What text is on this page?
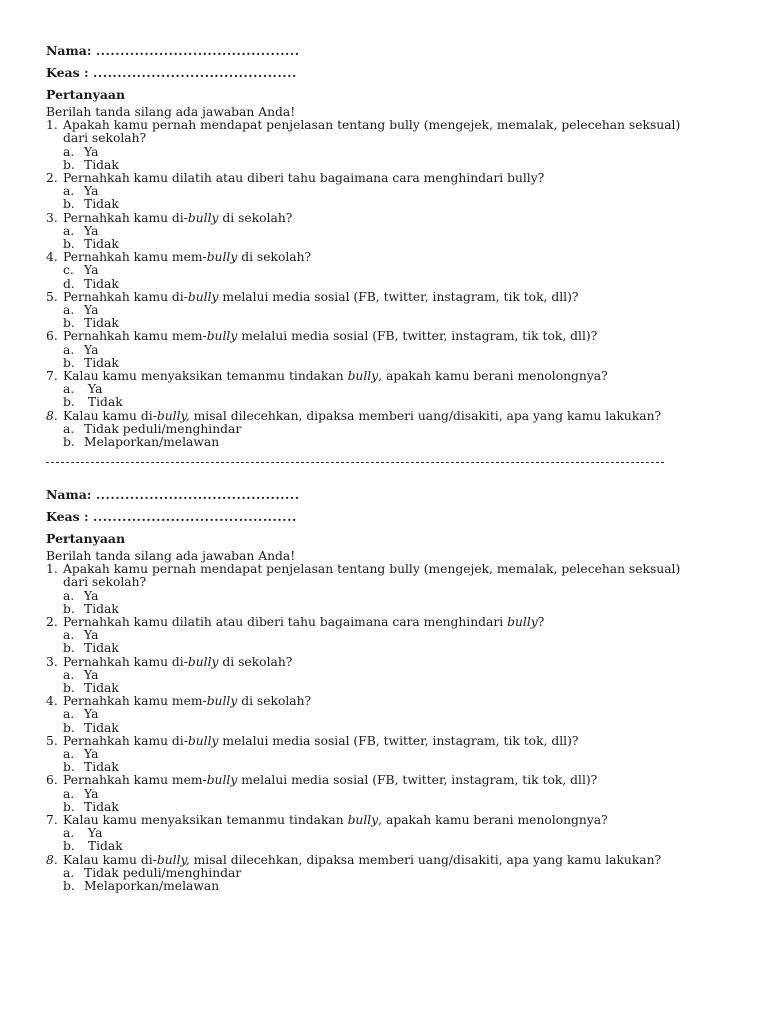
Nama: ..........................................
Keas : ..........................................
Pertanyaan
Berilah tanda silang ada jawaban Anda!
1. Apakah kamu pernah mendapat penjelasan tentang bully (mengejek, memalak, pelecehan seksual) dari sekolah?
a. Ya
b. Tidak
2. Pernahkah kamu dilatih atau diberi tahu bagaimana cara menghindari bully?
a. Ya
b. Tidak
3. Pernahkah kamu di-bully di sekolah?
a. Ya
b. Tidak
4. Pernahkah kamu mem-bully di sekolah?
c. Ya
d. Tidak
5. Pernahkah kamu di-bully melalui media sosial (FB, twitter, instagram, tik tok, dll)?
a. Ya
b. Tidak
6. Pernahkah kamu mem-bully melalui media sosial (FB, twitter, instagram, tik tok, dll)?
a. Ya
b. Tidak
7. Kalau kamu menyaksikan temanmu tindakan bully, apakah kamu berani menolongnya?
a. Ya
b. Tidak
8. Kalau kamu di-bully, misal dilecehkan, dipaksa memberi uang/disakiti, apa yang kamu lakukan?
a. Tidak peduli/menghindar
b. Melaporkan/melawan
Nama: ..........................................
Keas : ..........................................
Pertanyaan
Berilah tanda silang ada jawaban Anda!
1. Apakah kamu pernah mendapat penjelasan tentang bully (mengejek, memalak, pelecehan seksual) dari sekolah?
a. Ya
b. Tidak
2. Pernahkah kamu dilatih atau diberi tahu bagaimana cara menghindari bully?
a. Ya
b. Tidak
3. Pernahkah kamu di-bully di sekolah?
a. Ya
b. Tidak
4. Pernahkah kamu mem-bully di sekolah?
a. Ya
b. Tidak
5. Pernahkah kamu di-bully melalui media sosial (FB, twitter, instagram, tik tok, dll)?
a. Ya
b. Tidak
6. Pernahkah kamu mem-bully melalui media sosial (FB, twitter, instagram, tik tok, dll)?
a. Ya
b. Tidak
7. Kalau kamu menyaksikan temanmu tindakan bully, apakah kamu berani menolongnya?
a. Ya
b. Tidak
8. Kalau kamu di-bully, misal dilecehkan, dipaksa memberi uang/disakiti, apa yang kamu lakukan?
a. Tidak peduli/menghindar
b. Melaporkan/melawan
